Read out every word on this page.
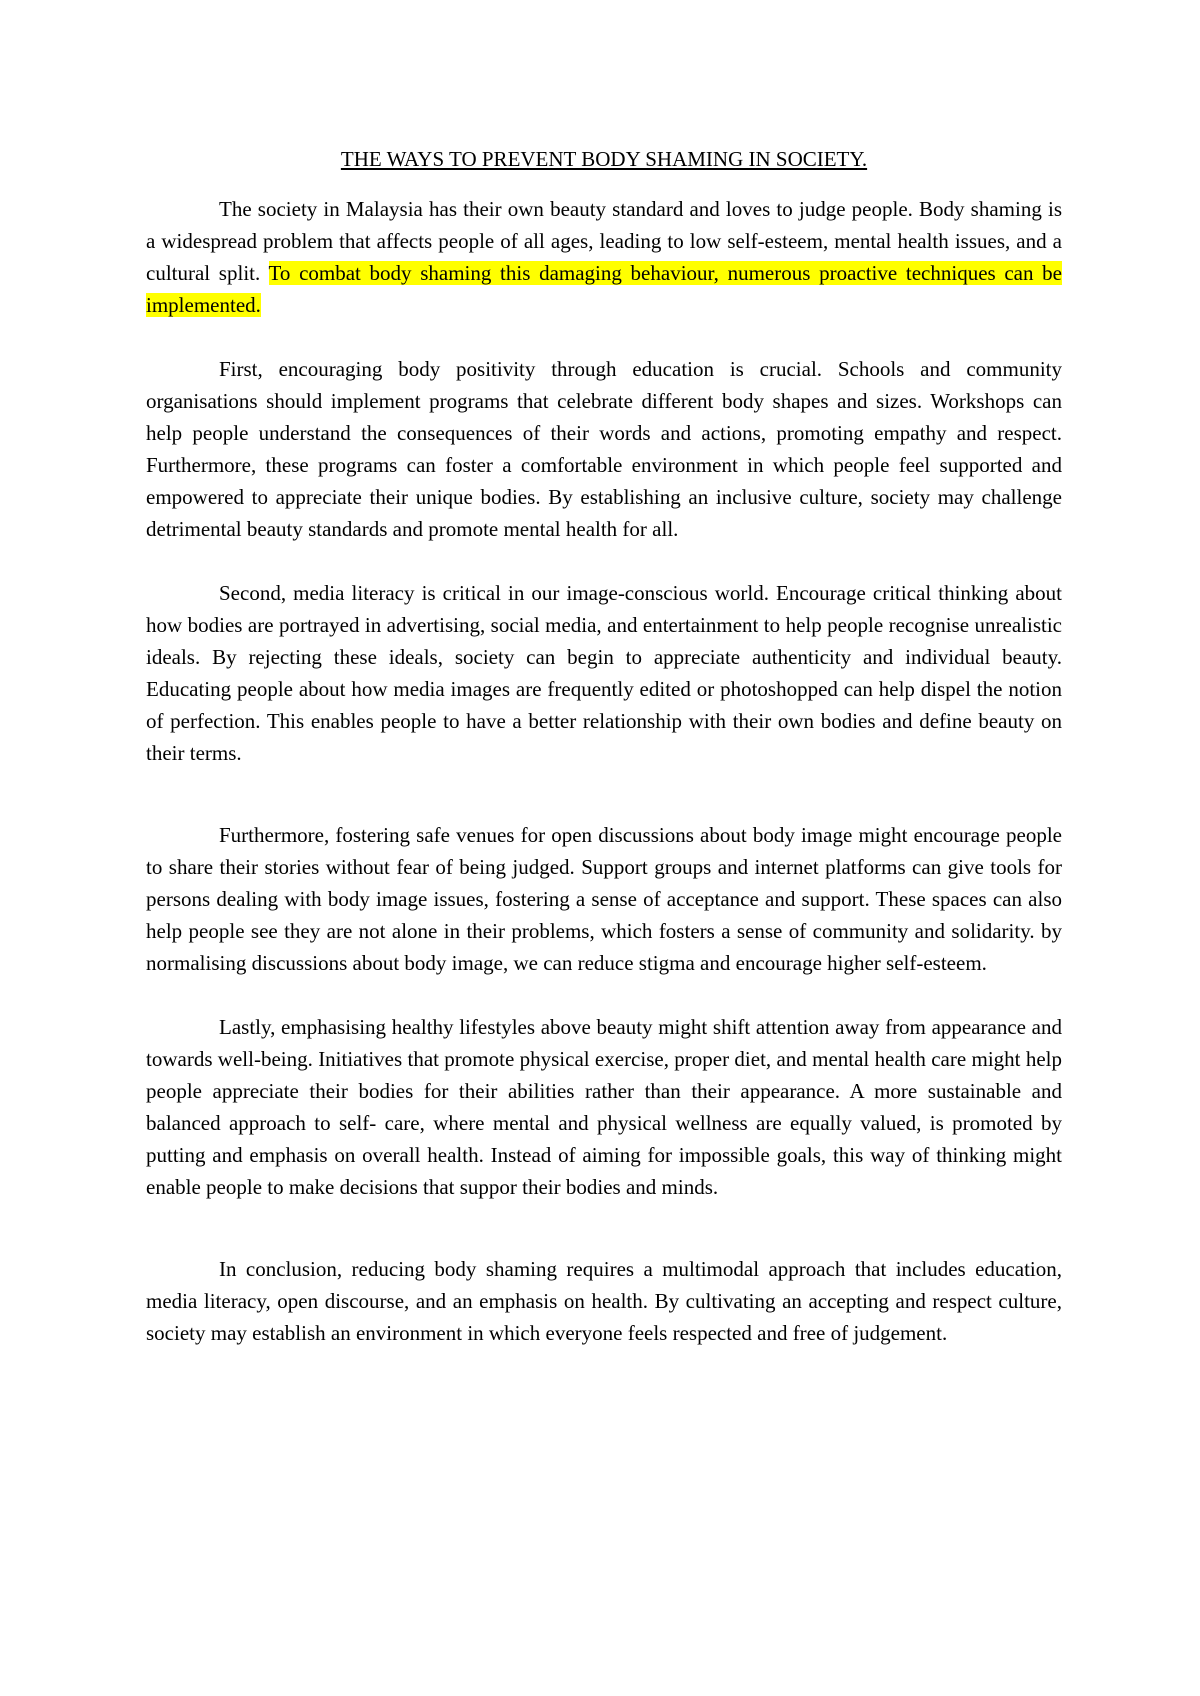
THE WAYS TO PREVENT BODY SHAMING IN SOCIETY.

The society in Malaysia has their own beauty standard and loves to judge people. Body shaming is a widespread problem that affects people of all ages, leading to low self-esteem, mental health issues, and a cultural split. To combat body shaming this damaging behaviour, numerous proactive techniques can be implemented.

First, encouraging body positivity through education is crucial. Schools and community organisations should implement programs that celebrate different body shapes and sizes. Workshops can help people understand the consequences of their words and actions, promoting empathy and respect. Furthermore, these programs can foster a comfortable environment in which people feel supported and empowered to appreciate their unique bodies. By establishing an inclusive culture, society may challenge detrimental beauty standards and promote mental health for all.

Second, media literacy is critical in our image-conscious world. Encourage critical thinking about how bodies are portrayed in advertising, social media, and entertainment to help people recognise unrealistic ideals. By rejecting these ideals, society can begin to appreciate authenticity and individual beauty. Educating people about how media images are frequently edited or photoshopped can help dispel the notion of perfection. This enables people to have a better relationship with their own bodies and define beauty on their terms.

Furthermore, fostering safe venues for open discussions about body image might encourage people to share their stories without fear of being judged. Support groups and internet platforms can give tools for persons dealing with body image issues, fostering a sense of acceptance and support. These spaces can also help people see they are not alone in their problems, which fosters a sense of community and solidarity. by normalising discussions about body image, we can reduce stigma and encourage higher self-esteem.

Lastly, emphasising healthy lifestyles above beauty might shift attention away from appearance and towards well-being. Initiatives that promote physical exercise, proper diet, and mental health care might help people appreciate their bodies for their abilities rather than their appearance. A more sustainable and balanced approach to self- care, where mental and physical wellness are equally valued, is promoted by putting and emphasis on overall health. Instead of aiming for impossible goals, this way of thinking might enable people to make decisions that suppor their bodies and minds.

In conclusion, reducing body shaming requires a multimodal approach that includes education, media literacy, open discourse, and an emphasis on health. By cultivating an accepting and respect culture, society may establish an environment in which everyone feels respected and free of judgement.
